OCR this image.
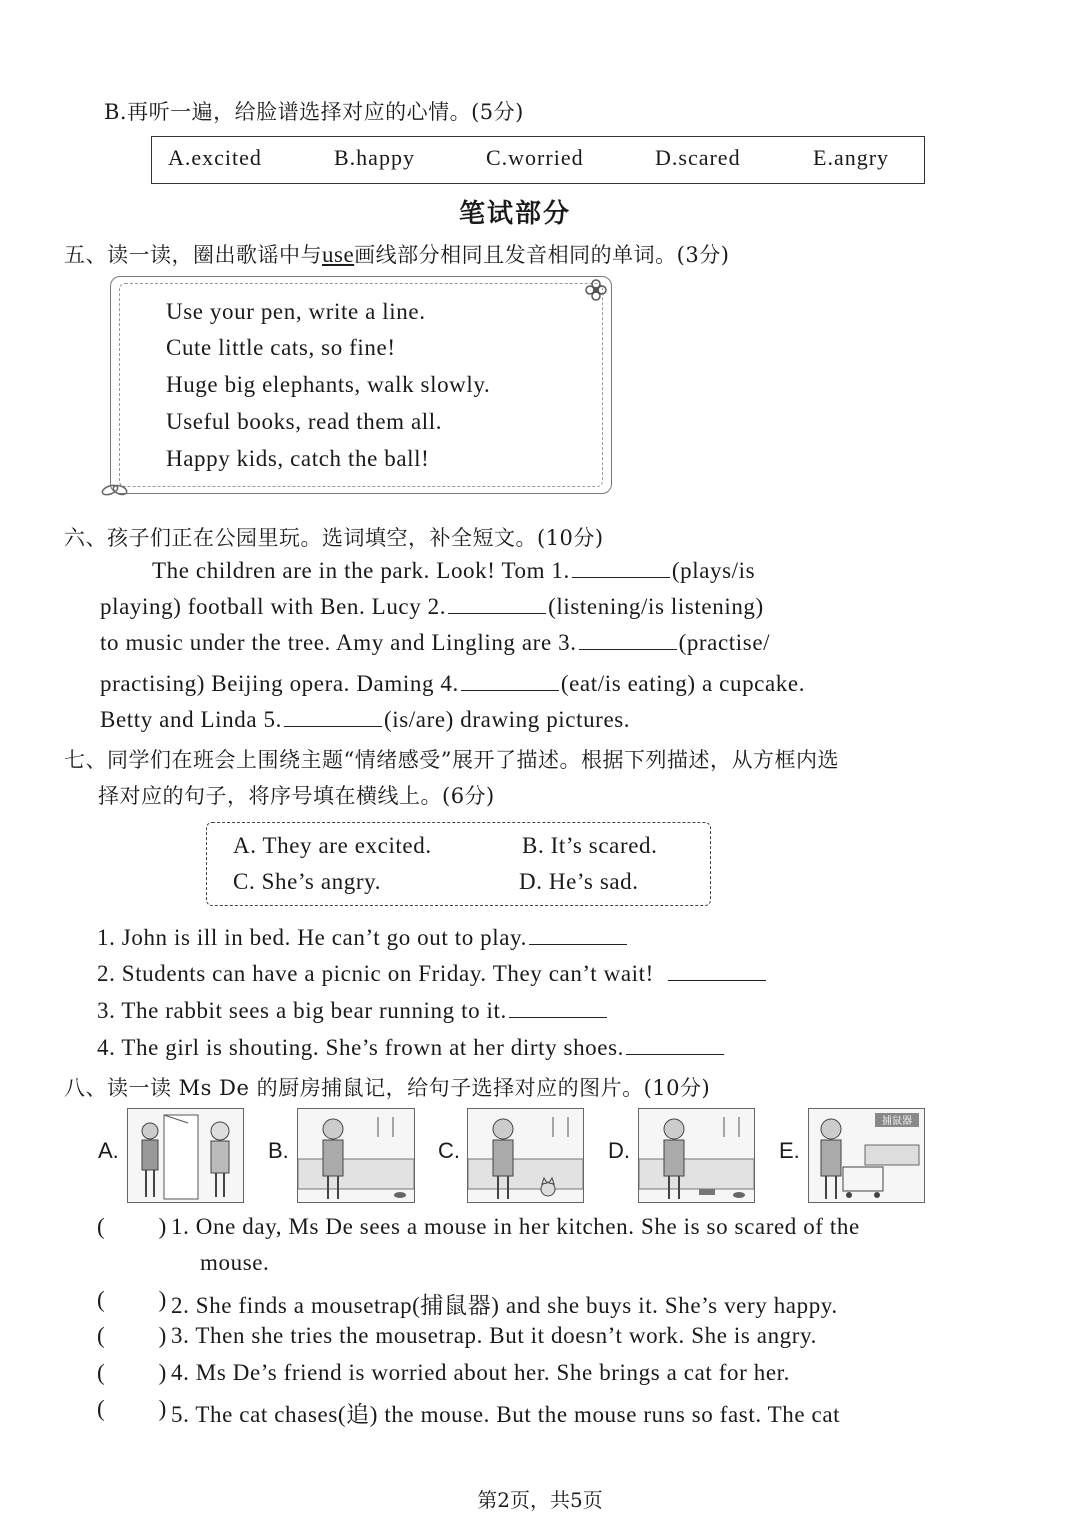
B.再听一遍，给脸谱选择对应的心情。(5分)
A.excited	B.happy	C.worried	D.scared	E.angry
笔试部分
五、读一读，圈出歌谣中与use画线部分相同且发音相同的单词。(3分)
Use your pen, write a line.
Cute little cats, so fine!
Huge big elephants, walk slowly.
Useful books, read them all.
Happy kids, catch the ball!
六、孩子们正在公园里玩。选词填空，补全短文。(10分)
The children are in the park. Look! Tom 1.	(plays/is
playing) football with Ben. Lucy 2.	(listening/is listening)
to music under the tree. Amy and Lingling are 3.	(practise/
practising) Beijing opera. Daming 4.	(eat/is eating) a cupcake.
Betty and Linda 5.	(is/are) drawing pictures.
七、同学们在班会上围绕主题“情绪感受”展开了描述。根据下列描述，从方框内选
择对应的句子，将序号填在横线上。(6分)
A. They are excited.	B. It’s scared.
C. She’s angry.	D. He’s sad.
1. John is ill in bed. He can’t go out to play.
2. Students can have a picnic on Friday. They can’t wait!
3. The rabbit sees a big bear running to it.
4. The girl is shouting. She’s frown at her dirty shoes.
八、读一读 Ms De 的厨房捕鼠记，给句子选择对应的图片。(10分)
A.	B.	C.	D.	E.
捕鼠器
( ) 1. One day, Ms De sees a mouse in her kitchen. She is so scared of the
mouse.
( ) 2. She finds a mousetrap(捕鼠器) and she buys it. She’s very happy.
( ) 3. Then she tries the mousetrap. But it doesn’t work. She is angry.
( ) 4. Ms De’s friend is worried about her. She brings a cat for her.
( ) 5. The cat chases(追) the mouse. But the mouse runs so fast. The cat
第2页，共5页
